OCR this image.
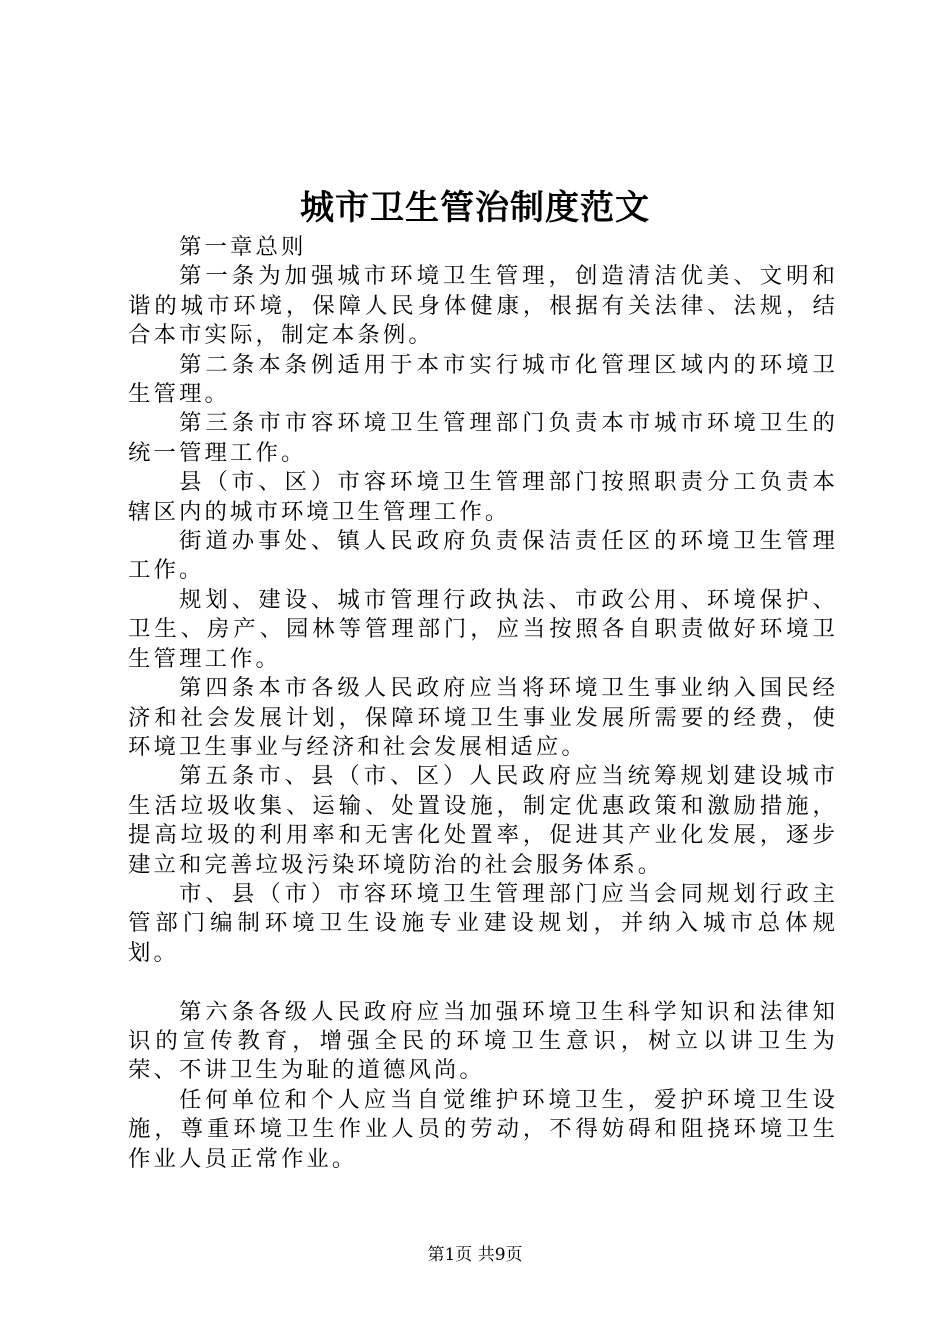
城市卫生管治制度范文

第一章总则

第一条为加强城市环境卫生管理，创造清洁优美、文明和谐的城市环境，保障人民身体健康，根据有关法律、法规，结合本市实际，制定本条例。

第二条本条例适用于本市实行城市化管理区域内的环境卫生管理。

第三条市市容环境卫生管理部门负责本市城市环境卫生的统一管理工作。

县（市、区）市容环境卫生管理部门按照职责分工负责本辖区内的城市环境卫生管理工作。

街道办事处、镇人民政府负责保洁责任区的环境卫生管理工作。

规划、建设、城市管理行政执法、市政公用、环境保护、卫生、房产、园林等管理部门，应当按照各自职责做好环境卫生管理工作。

第四条本市各级人民政府应当将环境卫生事业纳入国民经济和社会发展计划，保障环境卫生事业发展所需要的经费，使环境卫生事业与经济和社会发展相适应。

第五条市、县（市、区）人民政府应当统筹规划建设城市生活垃圾收集、运输、处置设施，制定优惠政策和激励措施，提高垃圾的利用率和无害化处置率，促进其产业化发展，逐步建立和完善垃圾污染环境防治的社会服务体系。

市、县（市）市容环境卫生管理部门应当会同规划行政主管部门编制环境卫生设施专业建设规划，并纳入城市总体规划。

第六条各级人民政府应当加强环境卫生科学知识和法律知识的宣传教育，增强全民的环境卫生意识，树立以讲卫生为荣、不讲卫生为耻的道德风尚。

任何单位和个人应当自觉维护环境卫生，爱护环境卫生设施，尊重环境卫生作业人员的劳动，不得妨碍和阻挠环境卫生作业人员正常作业。

第1页 共9页
